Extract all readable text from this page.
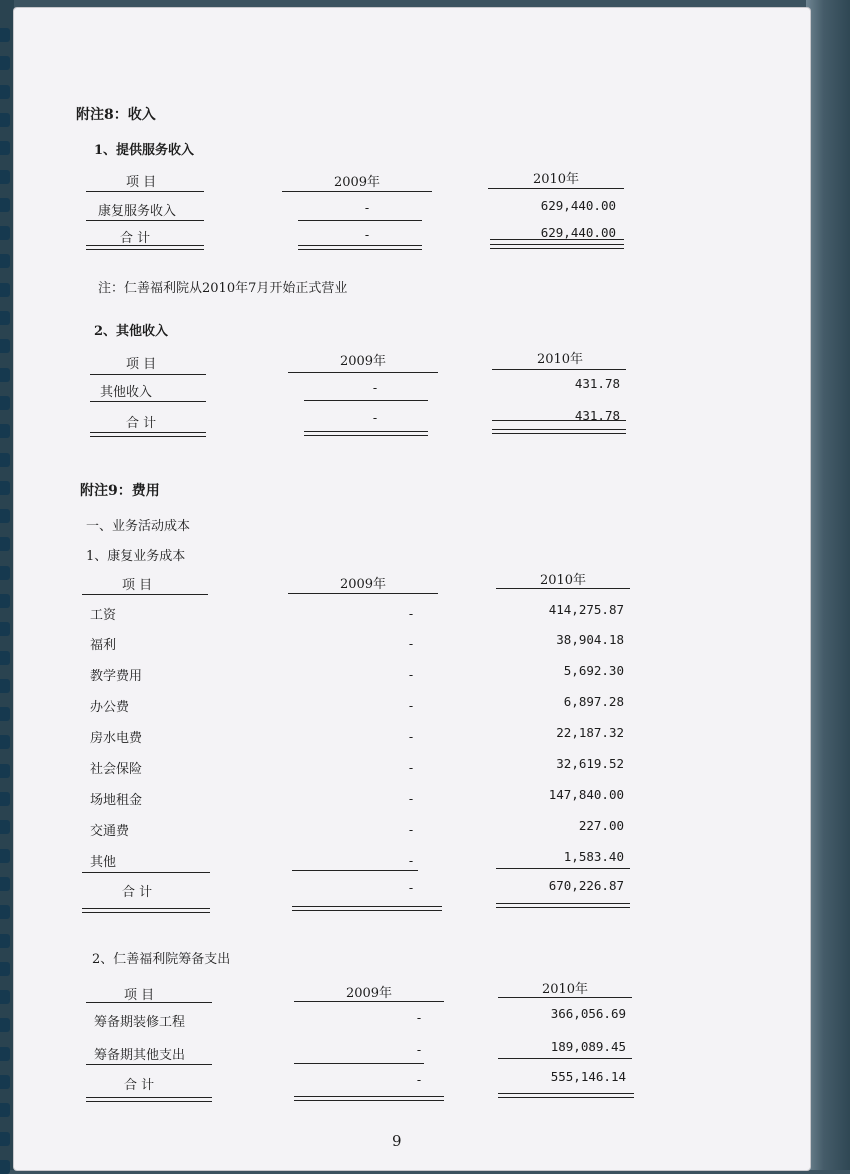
附注8：收入
1、提供服务收入
项 目	2009年	2010年
康复服务收入	-	629,440.00
合 计	-	629,440.00
注：仁善福利院从2010年7月开始正式营业
2、其他收入
项 目	2009年	2010年
其他收入	-	431.78
合 计	-	431.78
附注9：费用
一、业务活动成本
1、康复业务成本
项 目	2009年	2010年
工资	-	414,275.87
福利	-	38,904.18
教学费用	-	5,692.30
办公费	-	6,897.28
房水电费	-	22,187.32
社会保险	-	32,619.52
场地租金	-	147,840.00
交通费	-	227.00
其他	-	1,583.40
合 计	-	670,226.87
2、仁善福利院筹备支出
项 目	2009年	2010年
筹备期装修工程	-	366,056.69
筹备期其他支出	-	189,089.45
合 计	-	555,146.14
9
